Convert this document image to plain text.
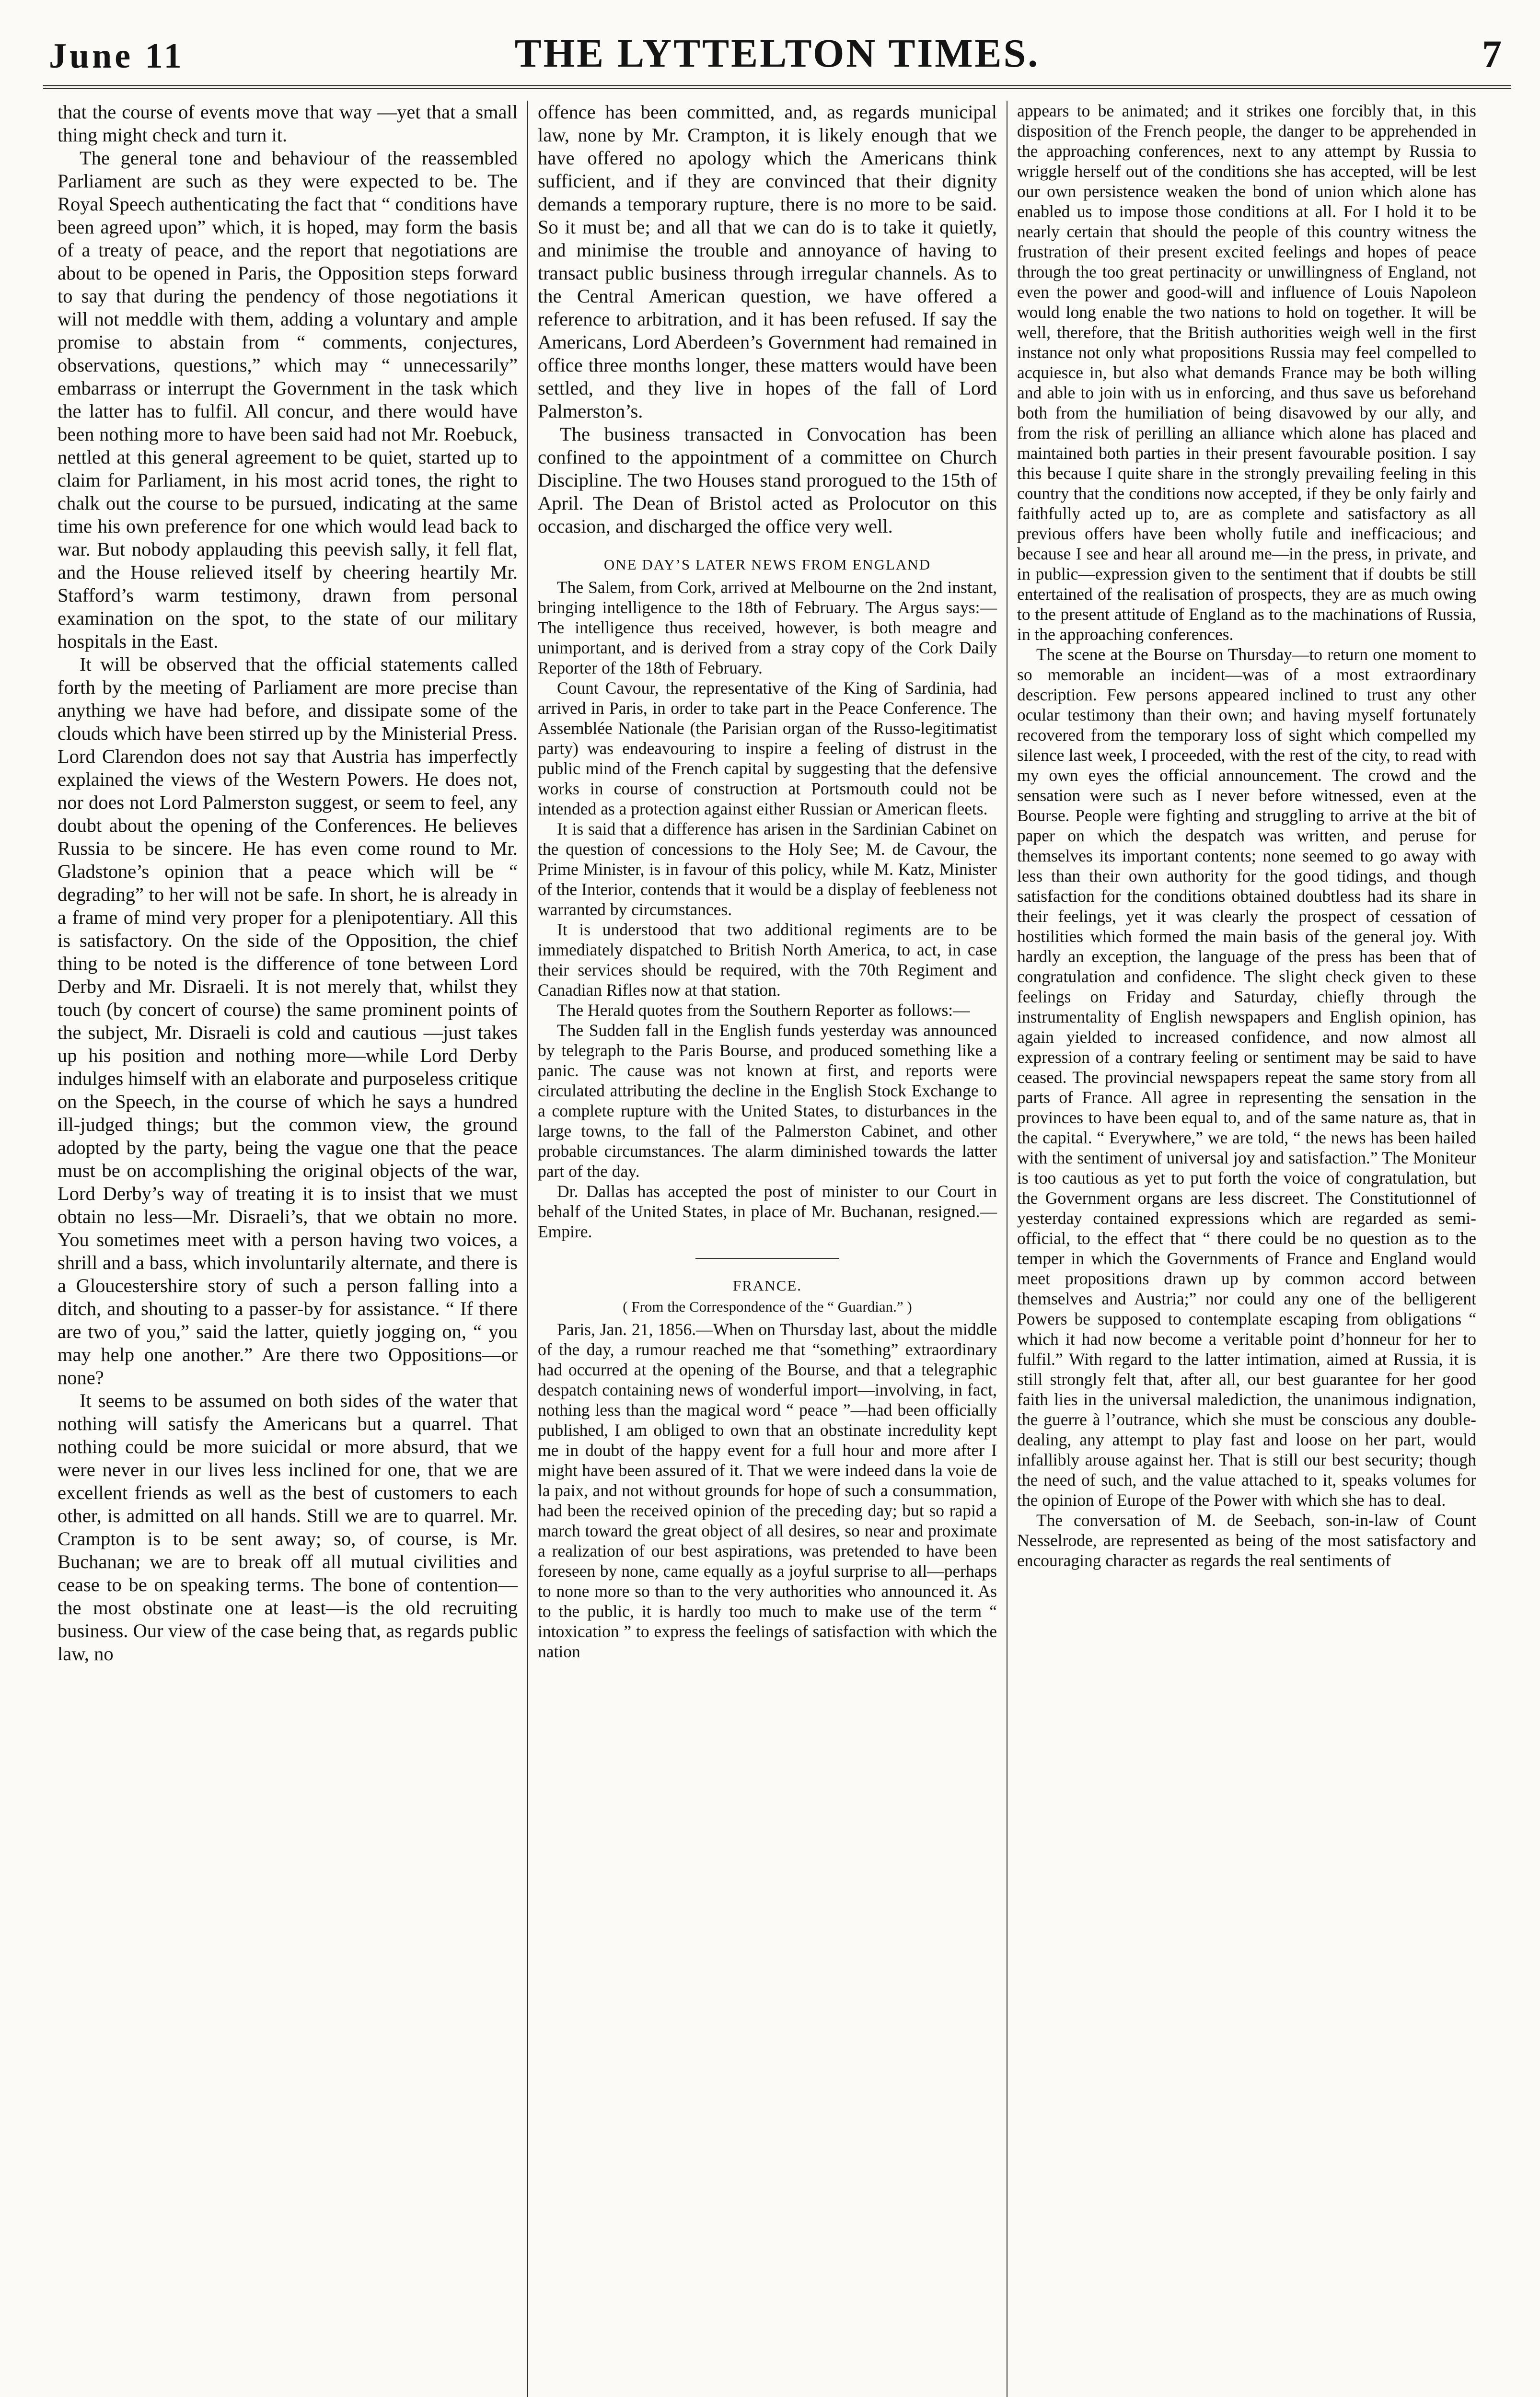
June 11	THE LYTTELTON TIMES.	7

that the course of events move that way —yet that a small thing might check and turn it.

The general tone and behaviour of the reassembled Parliament are such as they were expected to be. The Royal Speech authenticating the fact that “ conditions have been agreed upon” which, it is hoped, may form the basis of a treaty of peace, and the report that negotiations are about to be opened in Paris, the Opposition steps forward to say that during the pendency of those negotiations it will not meddle with them, adding a voluntary and ample promise to abstain from “ comments, conjectures, observations, questions,” which may “ unnecessarily” embarrass or interrupt the Government in the task which the latter has to fulfil. All concur, and there would have been nothing more to have been said had not Mr. Roebuck, nettled at this general agreement to be quiet, started up to claim for Parliament, in his most acrid tones, the right to chalk out the course to be pursued, indicating at the same time his own preference for one which would lead back to war. But nobody applauding this peevish sally, it fell flat, and the House relieved itself by cheering heartily Mr. Stafford’s warm testimony, drawn from personal examination on the spot, to the state of our military hospitals in the East.

It will be observed that the official statements called forth by the meeting of Parliament are more precise than anything we have had before, and dissipate some of the clouds which have been stirred up by the Ministerial Press. Lord Clarendon does not say that Austria has imperfectly explained the views of the Western Powers. He does not, nor does not Lord Palmerston suggest, or seem to feel, any doubt about the opening of the Conferences. He believes Russia to be sincere. He has even come round to Mr. Gladstone’s opinion that a peace which will be “ degrading” to her will not be safe. In short, he is already in a frame of mind very proper for a plenipotentiary. All this is satisfactory. On the side of the Opposition, the chief thing to be noted is the difference of tone between Lord Derby and Mr. Disraeli. It is not merely that, whilst they touch (by concert of course) the same prominent points of the subject, Mr. Disraeli is cold and cautious —just takes up his position and nothing more—while Lord Derby indulges himself with an elaborate and purposeless critique on the Speech, in the course of which he says a hundred ill-judged things; but the common view, the ground adopted by the party, being the vague one that the peace must be on accomplishing the original objects of the war, Lord Derby’s way of treating it is to insist that we must obtain no less—Mr. Disraeli’s, that we obtain no more. You sometimes meet with a person having two voices, a shrill and a bass, which involuntarily alternate, and there is a Gloucestershire story of such a person falling into a ditch, and shouting to a passer-by for assistance. “ If there are two of you,” said the latter, quietly jogging on, “ you may help one another.” Are there two Oppositions—or none?

It seems to be assumed on both sides of the water that nothing will satisfy the Americans but a quarrel. That nothing could be more suicidal or more absurd, that we were never in our lives less inclined for one, that we are excellent friends as well as the best of customers to each other, is admitted on all hands. Still we are to quarrel. Mr. Crampton is to be sent away; so, of course, is Mr. Buchanan; we are to break off all mutual civilities and cease to be on speaking terms. The bone of contention—the most obstinate one at least—is the old recruiting business. Our view of the case being that, as regards public law, no

offence has been committed, and, as regards municipal law, none by Mr. Crampton, it is likely enough that we have offered no apology which the Americans think sufficient, and if they are convinced that their dignity demands a temporary rupture, there is no more to be said. So it must be; and all that we can do is to take it quietly, and minimise the trouble and annoyance of having to transact public business through irregular channels. As to the Central American question, we have offered a reference to arbitration, and it has been refused. If say the Americans, Lord Aberdeen’s Government had remained in office three months longer, these matters would have been settled, and they live in hopes of the fall of Lord Palmerston’s.

The business transacted in Convocation has been confined to the appointment of a committee on Church Discipline. The two Houses stand prorogued to the 15th of April. The Dean of Bristol acted as Prolocutor on this occasion, and discharged the office very well.

ONE DAY’S LATER NEWS FROM ENGLAND

The Salem, from Cork, arrived at Melbourne on the 2nd instant, bringing intelligence to the 18th of February. The Argus says:—The intelligence thus received, however, is both meagre and unimportant, and is derived from a stray copy of the Cork Daily Reporter of the 18th of February.

Count Cavour, the representative of the King of Sardinia, had arrived in Paris, in order to take part in the Peace Conference. The Assemblée Nationale (the Parisian organ of the Russo-legitimatist party) was endeavouring to inspire a feeling of distrust in the public mind of the French capital by suggesting that the defensive works in course of construction at Portsmouth could not be intended as a protection against either Russian or American fleets.

It is said that a difference has arisen in the Sardinian Cabinet on the question of concessions to the Holy See; M. de Cavour, the Prime Minister, is in favour of this policy, while M. Katz, Minister of the Interior, contends that it would be a display of feebleness not warranted by circumstances.

It is understood that two additional regiments are to be immediately dispatched to British North America, to act, in case their services should be required, with the 70th Regiment and Canadian Rifles now at that station.

The Herald quotes from the Southern Reporter as follows:—

The Sudden fall in the English funds yesterday was announced by telegraph to the Paris Bourse, and produced something like a panic. The cause was not known at first, and reports were circulated attributing the decline in the English Stock Exchange to a complete rupture with the United States, to disturbances in the large towns, to the fall of the Palmerston Cabinet, and other probable circumstances. The alarm diminished towards the latter part of the day.

Dr. Dallas has accepted the post of minister to our Court in behalf of the United States, in place of Mr. Buchanan, resigned.—Empire.

FRANCE.
( From the Correspondence of the “ Guardian.” )

Paris, Jan. 21, 1856.—When on Thursday last, about the middle of the day, a rumour reached me that “something” extraordinary had occurred at the opening of the Bourse, and that a telegraphic despatch containing news of wonderful import—involving, in fact, nothing less than the magical word “ peace ”—had been officially published, I am obliged to own that an obstinate incredulity kept me in doubt of the happy event for a full hour and more after I might have been assured of it. That we were indeed dans la voie de la paix, and not without grounds for hope of such a consummation, had been the received opinion of the preceding day; but so rapid a march toward the great object of all desires, so near and proximate a realization of our best aspirations, was pretended to have been foreseen by none, came equally as a joyful surprise to all—perhaps to none more so than to the very authorities who announced it. As to the public, it is hardly too much to make use of the term “ intoxication ” to express the feelings of satisfaction with which the nation

appears to be animated; and it strikes one forcibly that, in this disposition of the French people, the danger to be apprehended in the approaching conferences, next to any attempt by Russia to wriggle herself out of the conditions she has accepted, will be lest our own persistence weaken the bond of union which alone has enabled us to impose those conditions at all. For I hold it to be nearly certain that should the people of this country witness the frustration of their present excited feelings and hopes of peace through the too great pertinacity or unwillingness of England, not even the power and good-will and influence of Louis Napoleon would long enable the two nations to hold on together. It will be well, therefore, that the British authorities weigh well in the first instance not only what propositions Russia may feel compelled to acquiesce in, but also what demands France may be both willing and able to join with us in enforcing, and thus save us beforehand both from the humiliation of being disavowed by our ally, and from the risk of perilling an alliance which alone has placed and maintained both parties in their present favourable position. I say this because I quite share in the strongly prevailing feeling in this country that the conditions now accepted, if they be only fairly and faithfully acted up to, are as complete and satisfactory as all previous offers have been wholly futile and inefficacious; and because I see and hear all around me—in the press, in private, and in public—expression given to the sentiment that if doubts be still entertained of the realisation of prospects, they are as much owing to the present attitude of England as to the machinations of Russia, in the approaching conferences.

The scene at the Bourse on Thursday—to return one moment to so memorable an incident—was of a most extraordinary description. Few persons appeared inclined to trust any other ocular testimony than their own; and having myself fortunately recovered from the temporary loss of sight which compelled my silence last week, I proceeded, with the rest of the city, to read with my own eyes the official announcement. The crowd and the sensation were such as I never before witnessed, even at the Bourse. People were fighting and struggling to arrive at the bit of paper on which the despatch was written, and peruse for themselves its important contents; none seemed to go away with less than their own authority for the good tidings, and though satisfaction for the conditions obtained doubtless had its share in their feelings, yet it was clearly the prospect of cessation of hostilities which formed the main basis of the general joy. With hardly an exception, the language of the press has been that of congratulation and confidence. The slight check given to these feelings on Friday and Saturday, chiefly through the instrumentality of English newspapers and English opinion, has again yielded to increased confidence, and now almost all expression of a contrary feeling or sentiment may be said to have ceased. The provincial newspapers repeat the same story from all parts of France. All agree in representing the sensation in the provinces to have been equal to, and of the same nature as, that in the capital. “ Everywhere,” we are told, “ the news has been hailed with the sentiment of universal joy and satisfaction.” The Moniteur is too cautious as yet to put forth the voice of congratulation, but the Government organs are less discreet. The Constitutionnel of yesterday contained expressions which are regarded as semi-official, to the effect that “ there could be no question as to the temper in which the Governments of France and England would meet propositions drawn up by common accord between themselves and Austria;” nor could any one of the belligerent Powers be supposed to contemplate escaping from obligations “ which it had now become a veritable point d’honneur for her to fulfil.” With regard to the latter intimation, aimed at Russia, it is still strongly felt that, after all, our best guarantee for her good faith lies in the universal malediction, the unanimous indignation, the guerre à l’outrance, which she must be conscious any double-dealing, any attempt to play fast and loose on her part, would infallibly arouse against her. That is still our best security; though the need of such, and the value attached to it, speaks volumes for the opinion of Europe of the Power with which she has to deal.

The conversation of M. de Seebach, son-in-law of Count Nesselrode, are represented as being of the most satisfactory and encouraging character as regards the real sentiments of
